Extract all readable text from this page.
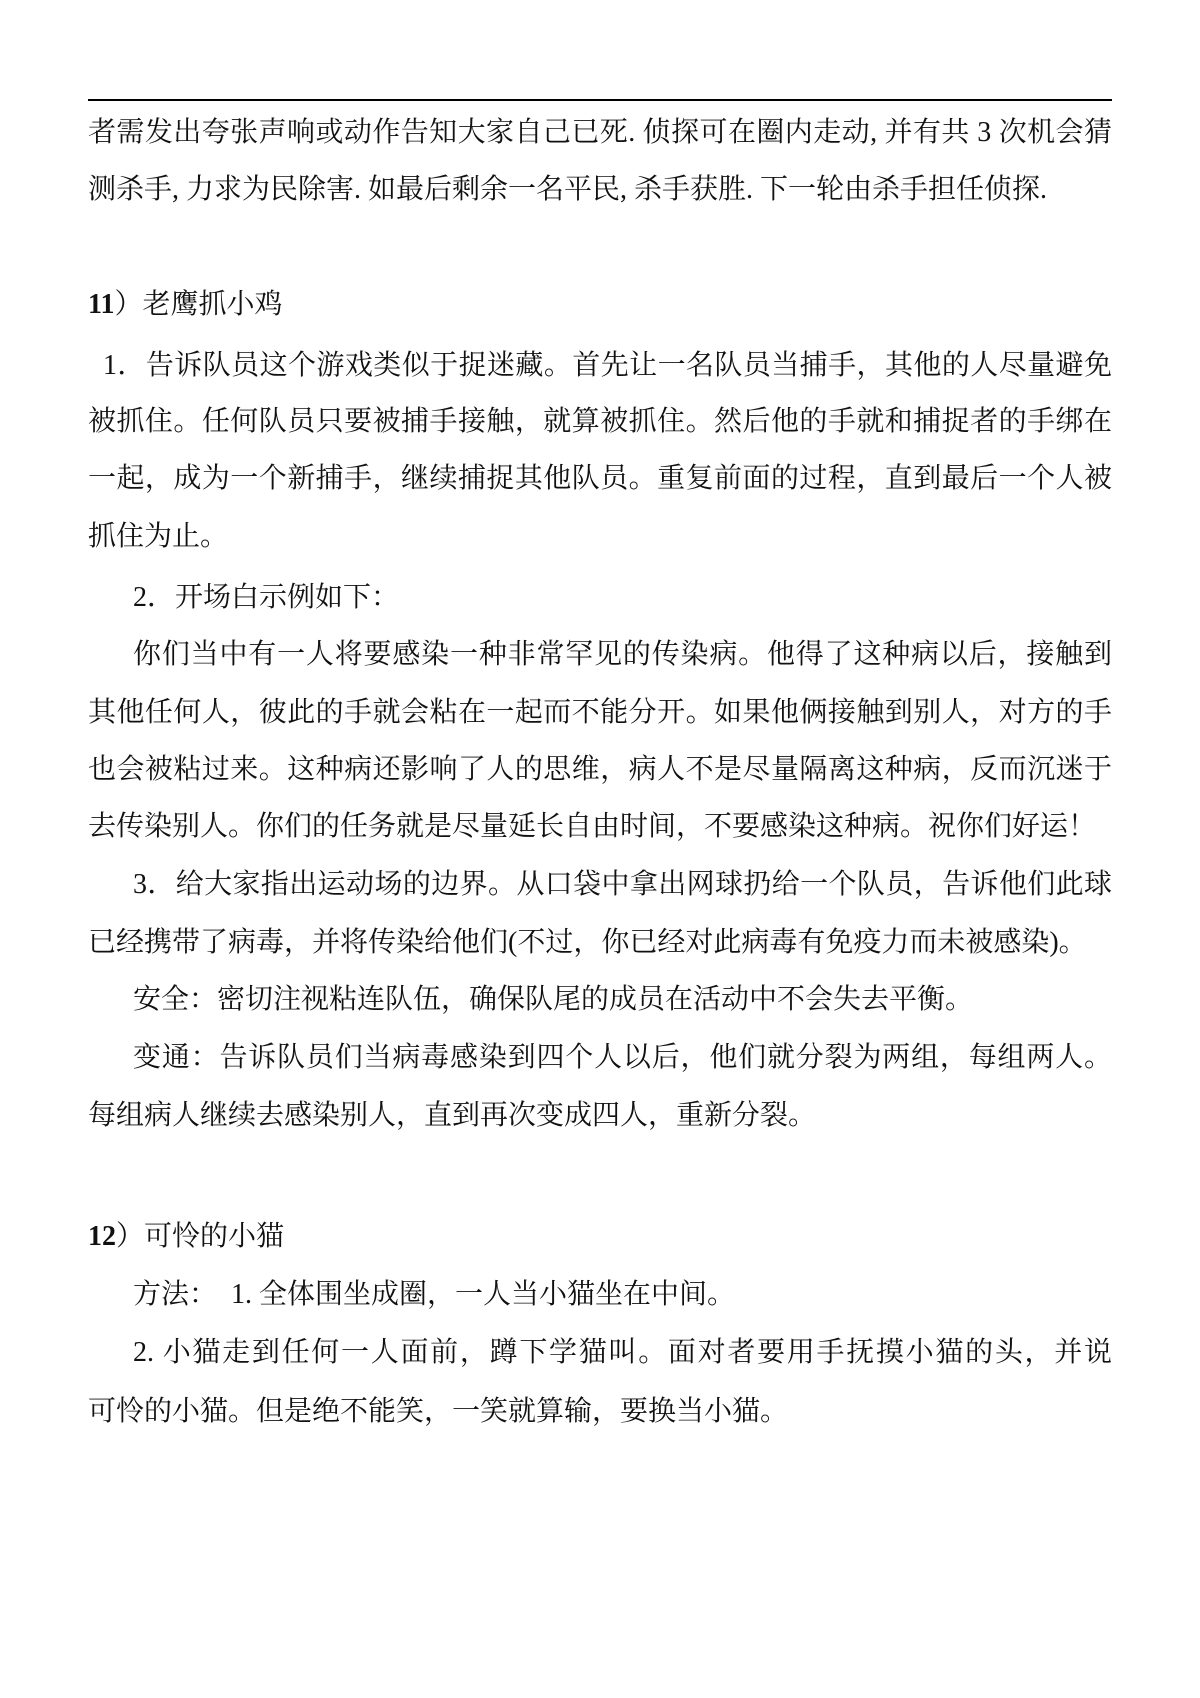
者需发出夸张声响或动作告知大家自己已死. 侦探可在圈内走动, 并有共 3 次机会猜
测杀手, 力求为民除害. 如最后剩余一名平民, 杀手获胜. 下一轮由杀手担任侦探.
11）老鹰抓小鸡
1．告诉队员这个游戏类似于捉迷藏。首先让一名队员当捕手，其他的人尽量避免
被抓住。任何队员只要被捕手接触，就算被抓住。然后他的手就和捕捉者的手绑在
一起，成为一个新捕手，继续捕捉其他队员。重复前面的过程，直到最后一个人被
抓住为止。
2．开场白示例如下：
你们当中有一人将要感染一种非常罕见的传染病。他得了这种病以后，接触到
其他任何人，彼此的手就会粘在一起而不能分开。如果他俩接触到别人，对方的手
也会被粘过来。这种病还影响了人的思维，病人不是尽量隔离这种病，反而沉迷于
去传染别人。你们的任务就是尽量延长自由时间，不要感染这种病。祝你们好运！
3．给大家指出运动场的边界。从口袋中拿出网球扔给一个队员，告诉他们此球
已经携带了病毒，并将传染给他们(不过，你已经对此病毒有免疫力而未被感染)。
安全：密切注视粘连队伍，确保队尾的成员在活动中不会失去平衡。
变通：告诉队员们当病毒感染到四个人以后，他们就分裂为两组，每组两人。
每组病人继续去感染别人，直到再次变成四人，重新分裂。
12）可怜的小猫
方法：  1. 全体围坐成圈，一人当小猫坐在中间。
2. 小猫走到任何一人面前，蹲下学猫叫。面对者要用手抚摸小猫的头，并说
可怜的小猫。但是绝不能笑，一笑就算输，要换当小猫。
